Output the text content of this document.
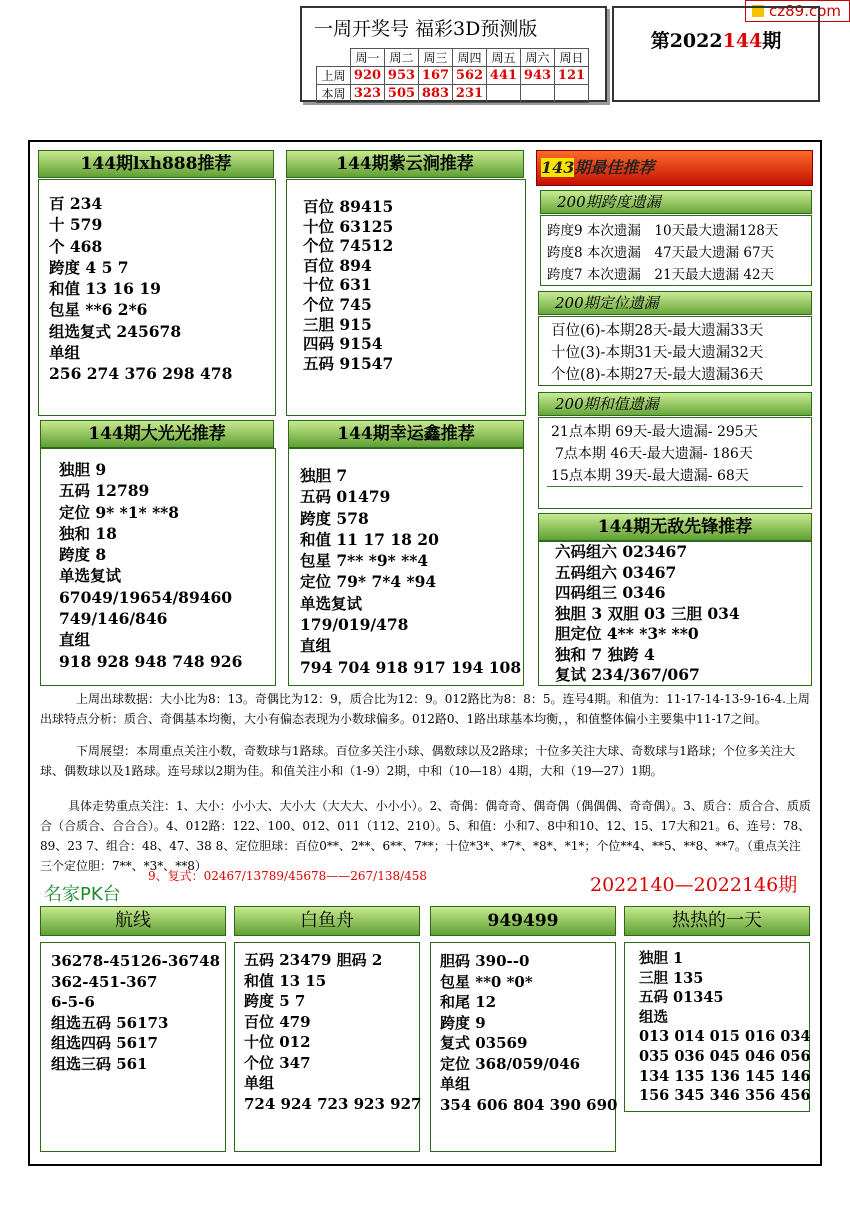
cz89.com
一周开奖号 福彩3D预测版
	周一	周二	周三	周四	周五	周六	周日
上周	920	953	167	562	441	943	121
本周	323	505	883	231			
第2022144期
144期lxh888推荐
百 234
十 579
个 468
跨度 4 5 7
和值 13 16 19
包星 **6 2*6
组选复式 245678
单组
256 274 376 298 478
144期紫云涧推荐
百位 89415
十位 63125
个位 74512
百位 894
十位 631
个位 745
三胆 915
四码 9154
五码 91547
144期大光光推荐
独胆 9
五码 12789
定位 9* *1* **8
独和 18
跨度 8
单选复试
67049/19654/89460
749/146/846
直组
918 928 948 748 926
144期幸运鑫推荐
独胆 7
五码 01479
跨度 578
和值 11 17 18 20
包星 7** *9* **4
定位 79* 7*4 *94
单选复试
179/019/478
直组
794 704 918 917 194 108
143期最佳推荐
200期跨度遗漏
跨度9 本次遗漏　10天最大遗漏128天
跨度8 本次遗漏　47天最大遗漏 67天
跨度7 本次遗漏　21天最大遗漏 42天
200期定位遗漏
百位(6)-本期28天-最大遗漏33天
十位(3)-本期31天-最大遗漏32天
个位(8)-本期27天-最大遗漏36天
200期和值遗漏
21点本期 69天-最大遗漏- 295天
7点本期 46天-最大遗漏- 186天
15点本期 39天-最大遗漏- 68天
144期无敌先锋推荐
六码组六 023467
五码组六 03467
四码组三 0346
独胆 3 双胆 03 三胆 034
胆定位 4** *3* **0
独和 7 独跨 4
复试 234/367/067
上周出球数据：大小比为8：13。奇偶比为12：9，质合比为12：9。012路比为8：8：5。连号4期。和值为：11-17-14-13-9-16-4.上周出球特点分析：质合、奇偶基本均衡，大小有偏态表现为小数球偏多。012路0、1路出球基本均衡，，和值整体偏小主要集中11-17之间。
下周展望：本周重点关注小数，奇数球与1路球。百位多关注小球、偶数球以及2路球；十位多关注大球、奇数球与1路球；个位多关注大球、偶数球以及1路球。连号球以2期为佳。和值关注小和（1-9）2期，中和（10—18）4期，大和（19—27）1期。
具体走势重点关注：1、大小：小小大、大小大（大大大、小小小）。2、奇偶：偶奇奇、偶奇偶（偶偶偶、奇奇偶）。3、质合：质合合、质质合（合质合、合合合）。4、012路：122、100、012、011（112、210）。5、和值：小和7、8中和10、12、15、17大和21。6、连号：78、89、23 7、组合：48、47、38 8、定位胆球：百位0**、2**、6**、7**；十位*3*、*7*、*8*、*1*；个位**4、**5、**8、**7。（重点关注三个定位胆：7**、*3*、**8）
9、复式：02467/13789/45678——267/138/458
名家PK台	2022140—2022146期
航线
36278-45126-36748
362-451-367
6-5-6
组选五码 56173
组选四码 5617
组选三码 561
白鱼舟
五码 23479 胆码 2
和值 13 15
跨度 5 7
百位 479
十位 012
个位 347
单组
724 924 723 923 927
949499
胆码 390--0
包星 **0 *0*
和尾 12
跨度 9
复式 03569
定位 368/059/046
单组
354 606 804 390 690
热热的一天
独胆 1
三胆 135
五码 01345
组选
013 014 015 016 034
035 036 045 046 056
134 135 136 145 146
156 345 346 356 456
